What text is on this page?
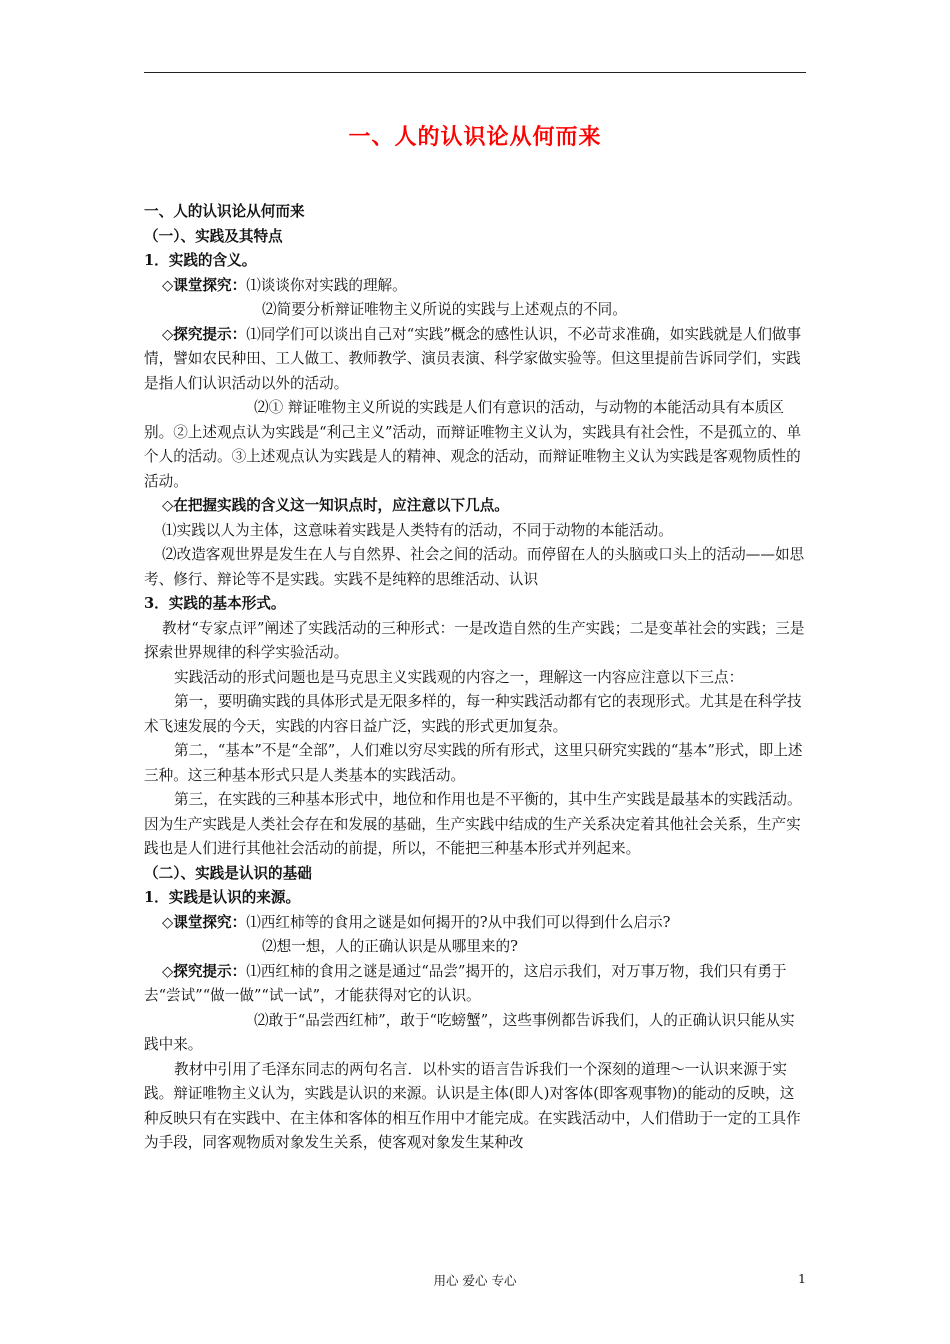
一、人的认识论从何而来

一、人的认识论从何而来

（一）、实践及其特点

1．实践的含义。

◇课堂探究：⑴谈谈你对实践的理解。

⑵简要分析辩证唯物主义所说的实践与上述观点的不同。

◇探究提示：⑴同学们可以谈出自己对“实践”概念的感性认识，不必苛求准确，如实践就是人们做事情，譬如农民种田、工人做工、教师教学、演员表演、科学家做实验等。但这里提前告诉同学们，实践是指人们认识活动以外的活动。

⑵① 辩证唯物主义所说的实践是人们有意识的活动，与动物的本能活动具有本质区别。②上述观点认为实践是“利己主义”活动，而辩证唯物主义认为，实践具有社会性，不是孤立的、单个人的活动。③上述观点认为实践是人的精神、观念的活动，而辩证唯物主义认为实践是客观物质性的活动。

◇在把握实践的含义这一知识点时，应注意以下几点。

⑴实践以人为主体，这意味着实践是人类特有的活动，不同于动物的本能活动。

⑵改造客观世界是发生在人与自然界、社会之间的活动。而停留在人的头脑或口头上的活动——如思考、修行、辩论等不是实践。实践不是纯粹的思维活动、认识

3．实践的基本形式。

教材“专家点评”阐述了实践活动的三种形式：一是改造自然的生产实践；二是变革社会的实践；三是探索世界规律的科学实验活动。

实践活动的形式问题也是马克思主义实践观的内容之一，理解这一内容应注意以下三点：

第一，要明确实践的具体形式是无限多样的，每一种实践活动都有它的表现形式。尤其是在科学技术飞速发展的今天，实践的内容日益广泛，实践的形式更加复杂。

第二，“基本”不是“全部”，人们难以穷尽实践的所有形式，这里只研究实践的“基本”形式，即上述三种。这三种基本形式只是人类基本的实践活动。

第三，在实践的三种基本形式中，地位和作用也是不平衡的，其中生产实践是最基本的实践活动。因为生产实践是人类社会存在和发展的基础，生产实践中结成的生产关系决定着其他社会关系，生产实践也是人们进行其他社会活动的前提，所以，不能把三种基本形式并列起来。

（二）、实践是认识的基础

1．实践是认识的来源。

◇课堂探究：⑴西红柿等的食用之谜是如何揭开的?从中我们可以得到什么启示?

⑵想一想，人的正确认识是从哪里来的?

◇探究提示：⑴西红柿的食用之谜是通过“品尝”揭开的，这启示我们，对万事万物，我们只有勇于去“尝试”“做一做”“试一试”，才能获得对它的认识。

⑵敢于“品尝西红柿”，敢于“吃螃蟹”，这些事例都告诉我们，人的正确认识只能从实践中来。

教材中引用了毛泽东同志的两句名言．以朴实的语言告诉我们一个深刻的道理～一认识来源于实践。辩证唯物主义认为，实践是认识的来源。认识是主体(即人)对客体(即客观事物)的能动的反映，这种反映只有在实践中、在主体和客体的相互作用中才能完成。在实践活动中，人们借助于一定的工具作为手段，同客观物质对象发生关系，使客观对象发生某种改

用心 爱心 专心	1
